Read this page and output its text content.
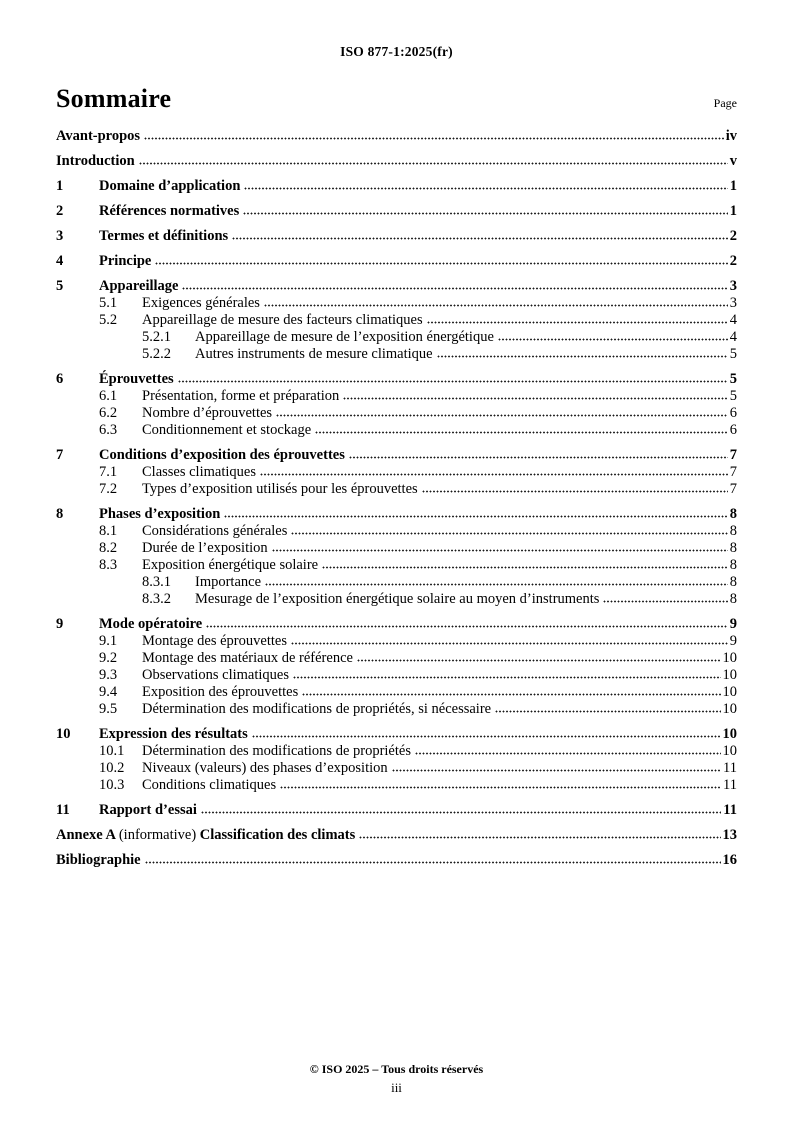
ISO 877-1:2025(fr)
Sommaire	Page
Avant-propos	iv
Introduction	v
1	Domaine d’application	1
2	Références normatives	1
3	Termes et définitions	2
4	Principe	2
5	Appareillage	3
5.1	Exigences générales	3
5.2	Appareillage de mesure des facteurs climatiques	4
5.2.1	Appareillage de mesure de l’exposition énergétique	4
5.2.2	Autres instruments de mesure climatique	5
6	Éprouvettes	5
6.1	Présentation, forme et préparation	5
6.2	Nombre d’éprouvettes	6
6.3	Conditionnement et stockage	6
7	Conditions d’exposition des éprouvettes	7
7.1	Classes climatiques	7
7.2	Types d’exposition utilisés pour les éprouvettes	7
8	Phases d’exposition	8
8.1	Considérations générales	8
8.2	Durée de l’exposition	8
8.3	Exposition énergétique solaire	8
8.3.1	Importance	8
8.3.2	Mesurage de l’exposition énergétique solaire au moyen d’instruments	8
9	Mode opératoire	9
9.1	Montage des éprouvettes	9
9.2	Montage des matériaux de référence	10
9.3	Observations climatiques	10
9.4	Exposition des éprouvettes	10
9.5	Détermination des modifications de propriétés, si nécessaire	10
10	Expression des résultats	10
10.1	Détermination des modifications de propriétés	10
10.2	Niveaux (valeurs) des phases d’exposition	11
10.3	Conditions climatiques	11
11	Rapport d’essai	11
Annexe A (informative) Classification des climats	13
Bibliographie	16
© ISO 2025 – Tous droits réservés
iii
